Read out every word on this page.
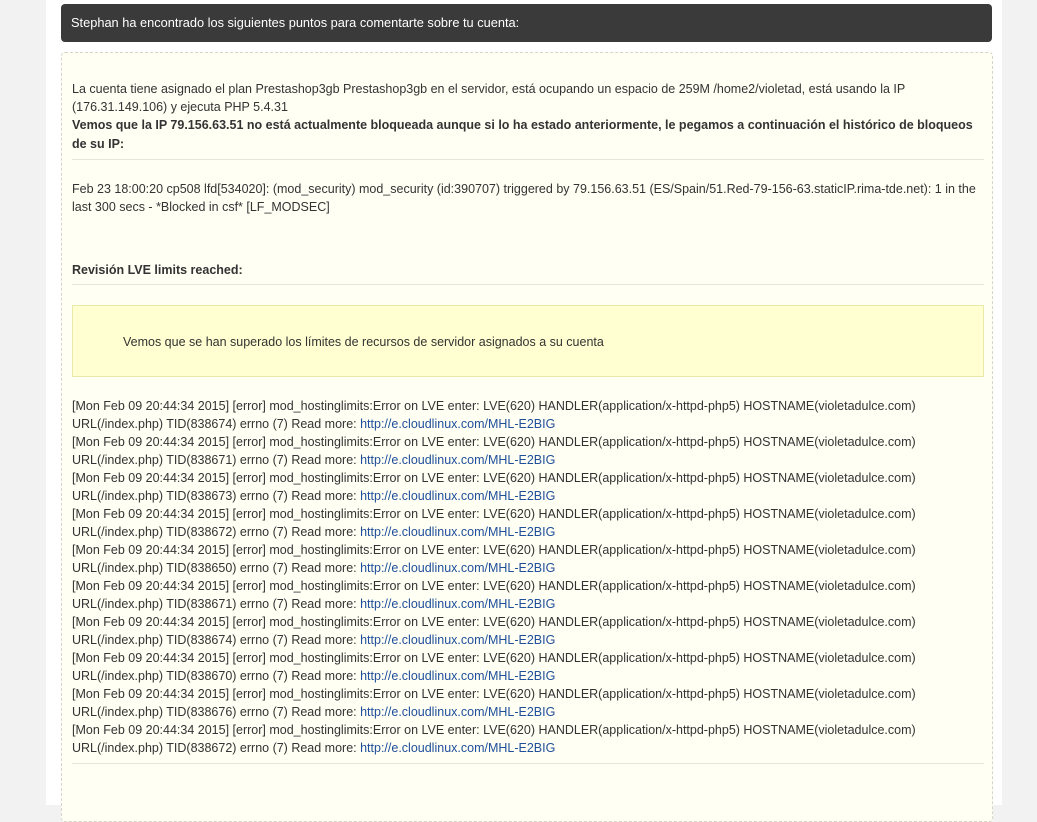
Stephan ha encontrado los siguientes puntos para comentarte sobre tu cuenta:

La cuenta tiene asignado el plan Prestashop3gb Prestashop3gb en el servidor, está ocupando un espacio de 259M /home2/violetad, está usando la IP (176.31.149.106) y ejecuta PHP 5.4.31

Vemos que la IP 79.156.63.51 no está actualmente bloqueada aunque si lo ha estado anteriormente, le pegamos a continuación el histórico de bloqueos de su IP:

Feb 23 18:00:20 cp508 lfd[534020]: (mod_security) mod_security (id:390707) triggered by 79.156.63.51 (ES/Spain/51.Red-79-156-63.staticIP.rima-tde.net): 1 in the last 300 secs - *Blocked in csf* [LF_MODSEC]
Revisión LVE limits reached:
Vemos que se han superado los límites de recursos de servidor asignados a su cuenta
[Mon Feb 09 20:44:34 2015] [error] mod_hostinglimits:Error on LVE enter: LVE(620) HANDLER(application/x-httpd-php5) HOSTNAME(violetadulce.com) URL(/index.php) TID(838674) errno (7) Read more: http://e.cloudlinux.com/MHL-E2BIG
[Mon Feb 09 20:44:34 2015] [error] mod_hostinglimits:Error on LVE enter: LVE(620) HANDLER(application/x-httpd-php5) HOSTNAME(violetadulce.com) URL(/index.php) TID(838671) errno (7) Read more: http://e.cloudlinux.com/MHL-E2BIG
[Mon Feb 09 20:44:34 2015] [error] mod_hostinglimits:Error on LVE enter: LVE(620) HANDLER(application/x-httpd-php5) HOSTNAME(violetadulce.com) URL(/index.php) TID(838673) errno (7) Read more: http://e.cloudlinux.com/MHL-E2BIG
[Mon Feb 09 20:44:34 2015] [error] mod_hostinglimits:Error on LVE enter: LVE(620) HANDLER(application/x-httpd-php5) HOSTNAME(violetadulce.com) URL(/index.php) TID(838672) errno (7) Read more: http://e.cloudlinux.com/MHL-E2BIG
[Mon Feb 09 20:44:34 2015] [error] mod_hostinglimits:Error on LVE enter: LVE(620) HANDLER(application/x-httpd-php5) HOSTNAME(violetadulce.com) URL(/index.php) TID(838650) errno (7) Read more: http://e.cloudlinux.com/MHL-E2BIG
[Mon Feb 09 20:44:34 2015] [error] mod_hostinglimits:Error on LVE enter: LVE(620) HANDLER(application/x-httpd-php5) HOSTNAME(violetadulce.com) URL(/index.php) TID(838671) errno (7) Read more: http://e.cloudlinux.com/MHL-E2BIG
[Mon Feb 09 20:44:34 2015] [error] mod_hostinglimits:Error on LVE enter: LVE(620) HANDLER(application/x-httpd-php5) HOSTNAME(violetadulce.com) URL(/index.php) TID(838674) errno (7) Read more: http://e.cloudlinux.com/MHL-E2BIG
[Mon Feb 09 20:44:34 2015] [error] mod_hostinglimits:Error on LVE enter: LVE(620) HANDLER(application/x-httpd-php5) HOSTNAME(violetadulce.com) URL(/index.php) TID(838670) errno (7) Read more: http://e.cloudlinux.com/MHL-E2BIG
[Mon Feb 09 20:44:34 2015] [error] mod_hostinglimits:Error on LVE enter: LVE(620) HANDLER(application/x-httpd-php5) HOSTNAME(violetadulce.com) URL(/index.php) TID(838676) errno (7) Read more: http://e.cloudlinux.com/MHL-E2BIG
[Mon Feb 09 20:44:34 2015] [error] mod_hostinglimits:Error on LVE enter: LVE(620) HANDLER(application/x-httpd-php5) HOSTNAME(violetadulce.com) URL(/index.php) TID(838672) errno (7) Read more: http://e.cloudlinux.com/MHL-E2BIG
